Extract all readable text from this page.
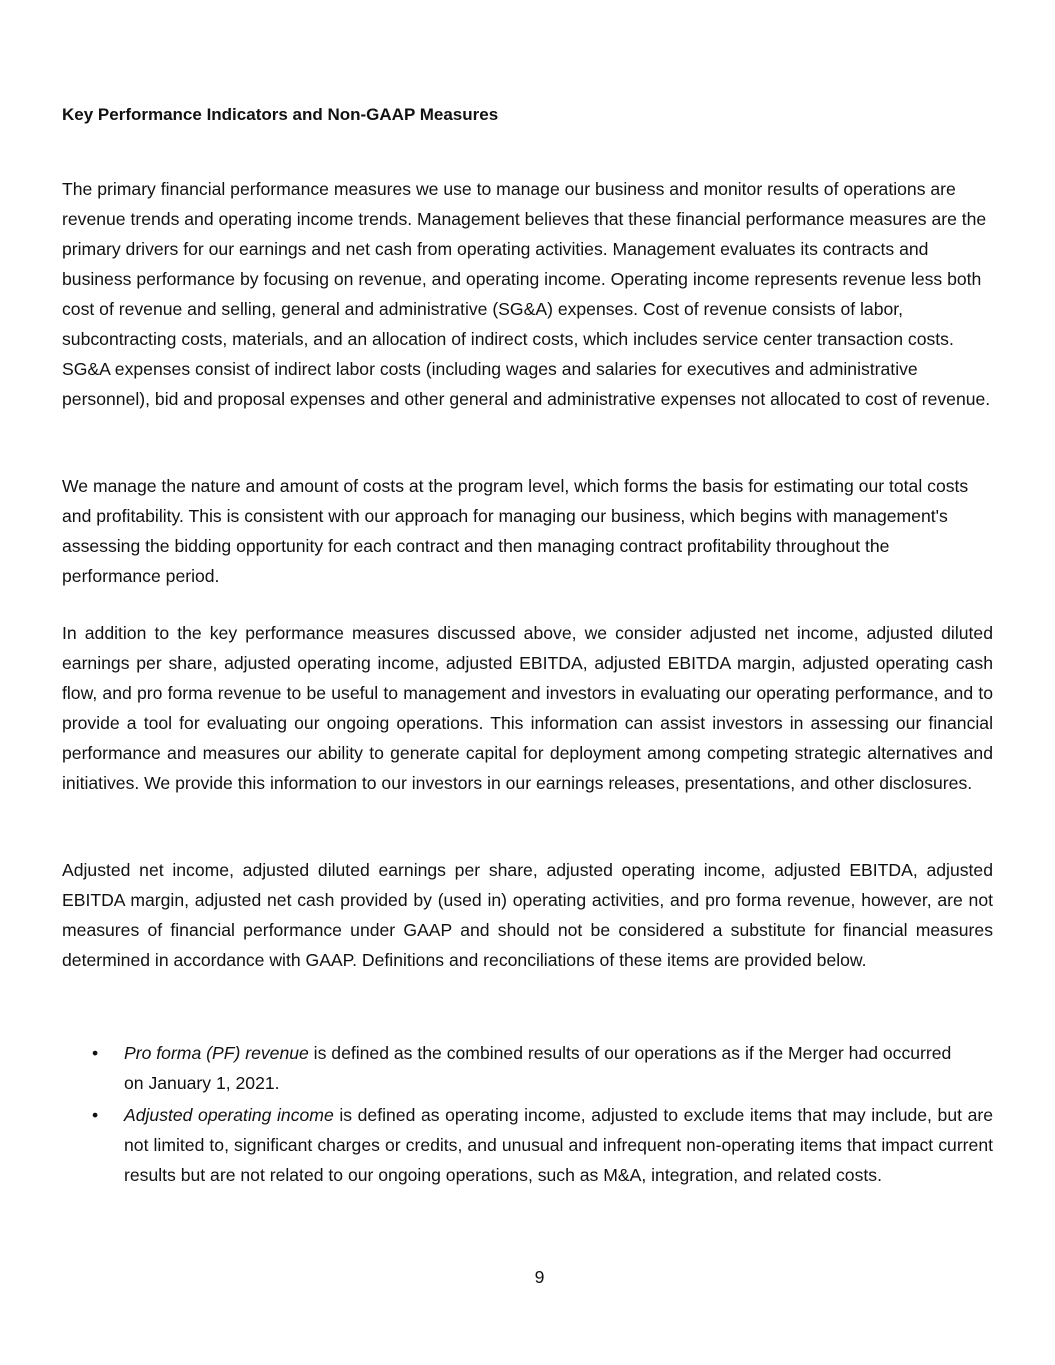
Key Performance Indicators and Non-GAAP Measures

The primary financial performance measures we use to manage our business and monitor results of operations are revenue trends and operating income trends. Management believes that these financial performance measures are the primary drivers for our earnings and net cash from operating activities. Management evaluates its contracts and business performance by focusing on revenue, and operating income. Operating income represents revenue less both cost of revenue and selling, general and administrative (SG&A) expenses. Cost of revenue consists of labor, subcontracting costs, materials, and an allocation of indirect costs, which includes service center transaction costs. SG&A expenses consist of indirect labor costs (including wages and salaries for executives and administrative personnel), bid and proposal expenses and other general and administrative expenses not allocated to cost of revenue.

We manage the nature and amount of costs at the program level, which forms the basis for estimating our total costs and profitability. This is consistent with our approach for managing our business, which begins with management's assessing the bidding opportunity for each contract and then managing contract profitability throughout the performance period.

In addition to the key performance measures discussed above, we consider adjusted net income, adjusted diluted earnings per share, adjusted operating income, adjusted EBITDA, adjusted EBITDA margin, adjusted operating cash flow, and pro forma revenue to be useful to management and investors in evaluating our operating performance, and to provide a tool for evaluating our ongoing operations. This information can assist investors in assessing our financial performance and measures our ability to generate capital for deployment among competing strategic alternatives and initiatives. We provide this information to our investors in our earnings releases, presentations, and other disclosures.

Adjusted net income, adjusted diluted earnings per share, adjusted operating income, adjusted EBITDA, adjusted EBITDA margin, adjusted net cash provided by (used in) operating activities, and pro forma revenue, however, are not measures of financial performance under GAAP and should not be considered a substitute for financial measures determined in accordance with GAAP. Definitions and reconciliations of these items are provided below.

• Pro forma (PF) revenue is defined as the combined results of our operations as if the Merger had occurred on January 1, 2021.
• Adjusted operating income is defined as operating income, adjusted to exclude items that may include, but are not limited to, significant charges or credits, and unusual and infrequent non-operating items that impact current results but are not related to our ongoing operations, such as M&A, integration, and related costs.
9
